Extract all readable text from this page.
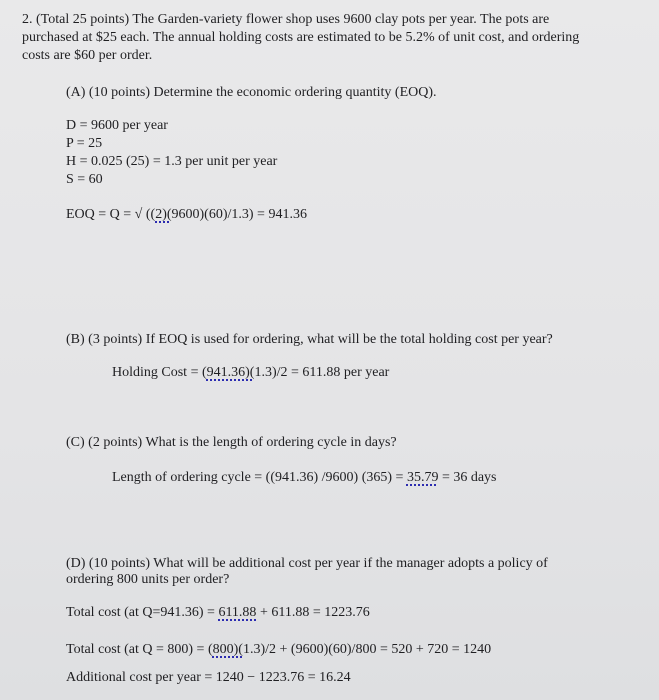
2. (Total 25 points) The Garden-variety flower shop uses 9600 clay pots per year. The pots are
purchased at $25 each. The annual holding costs are estimated to be 5.2% of unit cost, and ordering
costs are $60 per order.
(A) (10 points) Determine the economic ordering quantity (EOQ).
D = 9600 per year
P = 25
H = 0.025 (25) = 1.3 per unit per year
S = 60
EOQ = Q = √ ((2)(9600)(60)/1.3) = 941.36
(B) (3 points) If EOQ is used for ordering, what will be the total holding cost per year?
Holding Cost = (941.36)(1.3)/2 = 611.88 per year
(C) (2 points) What is the length of ordering cycle in days?
Length of ordering cycle = ((941.36) /9600) (365) = 35.79 = 36 days
(D) (10 points) What will be additional cost per year if the manager adopts a policy of
ordering 800 units per order?
Total cost (at Q=941.36) = 611.88 + 611.88 = 1223.76
Total cost (at Q = 800) = (800)(1.3)/2 + (9600)(60)/800 = 520 + 720 = 1240
Additional cost per year = 1240 − 1223.76 = 16.24
